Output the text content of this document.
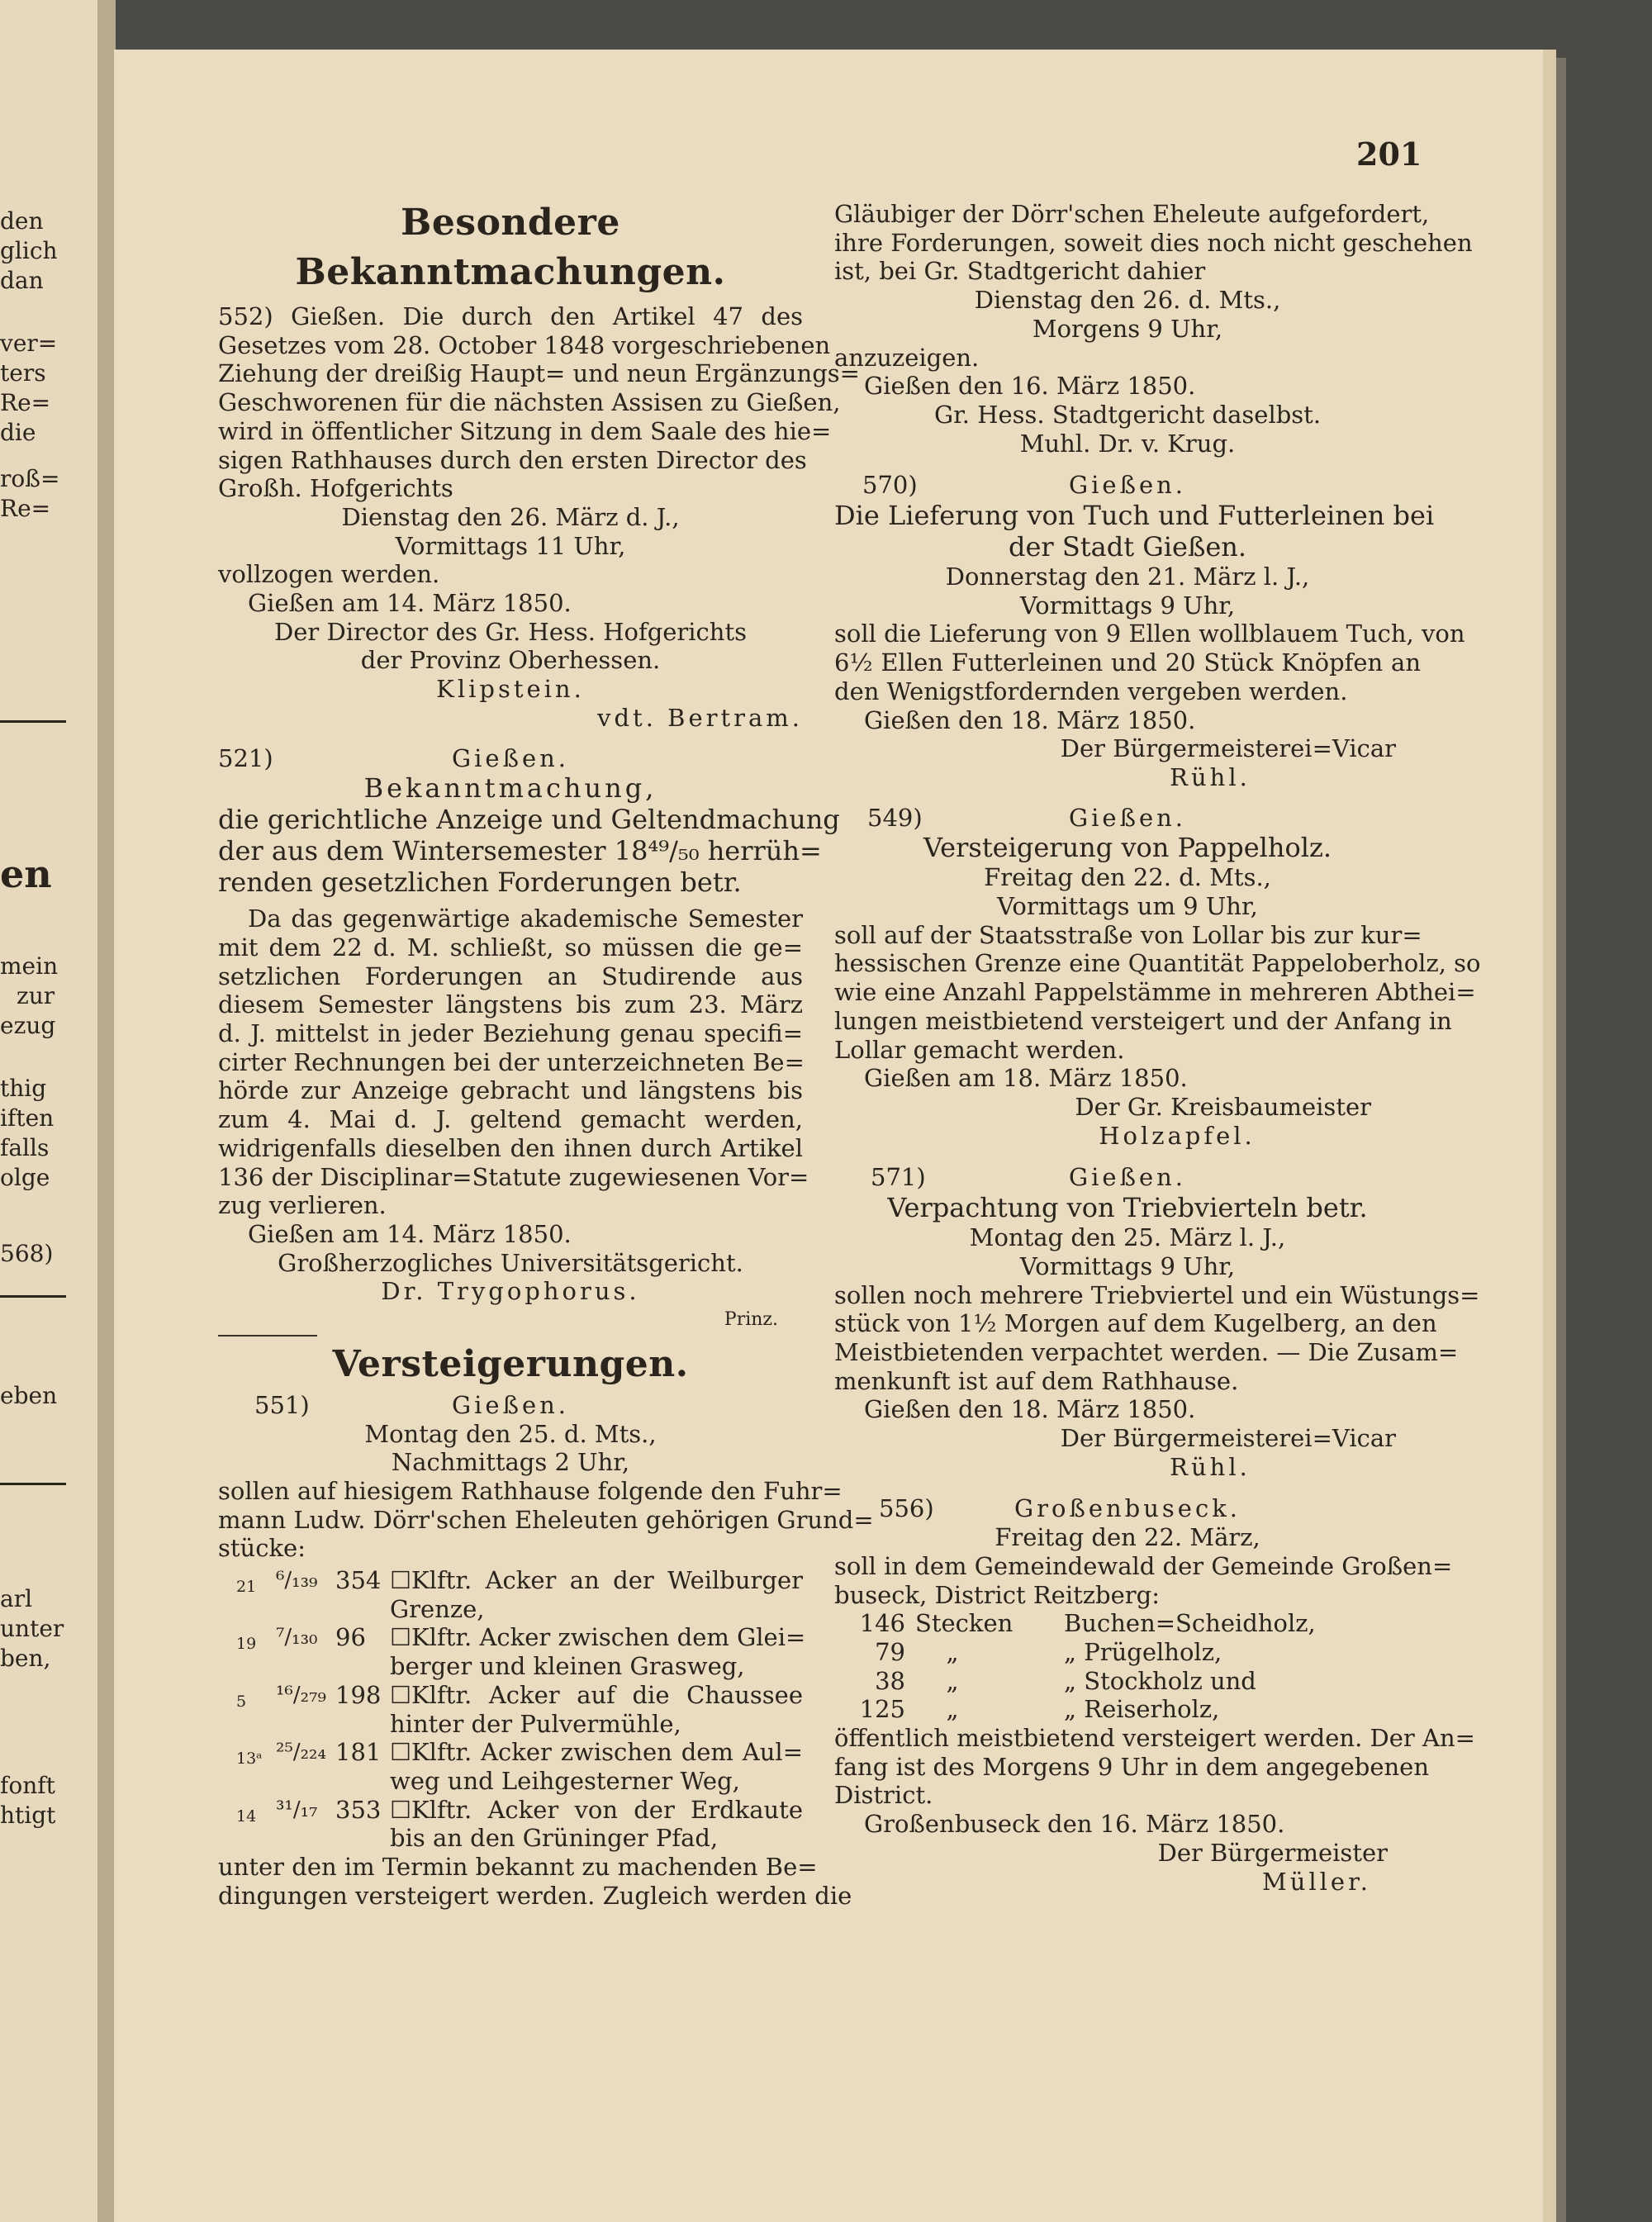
den
glich
dan
ver=
ters
Re=
die
roß=
Re=
en
mein
zur
ezug
thig
iften
falls
olge
568)
eben
arl
unter
ben,
fonft
htigt
201
Besondere Bekanntmachungen.
552) Gießen. Die durch den Artikel 47 des
Gesetzes vom 28. October 1848 vorgeschriebenen
Ziehung der dreißig Haupt= und neun Ergänzungs=
Geschworenen für die nächsten Assisen zu Gießen,
wird in öffentlicher Sitzung in dem Saale des hie=
sigen Rathhauses durch den ersten Director des
Großh. Hofgerichts
Dienstag den 26. März d. J.,
Vormittags 11 Uhr,
vollzogen werden.
Gießen am 14. März 1850.
Der Director des Gr. Hess. Hofgerichts
der Provinz Oberhessen.
Klipstein.
vdt. Bertram.
521)	Gießen.
Bekanntmachung,
die gerichtliche Anzeige und Geltendmachung
der aus dem Wintersemester 18⁴⁹/₅₀ herrüh=
renden gesetzlichen Forderungen betr.
Da das gegenwärtige akademische Semester
mit dem 22 d. M. schließt, so müssen die ge=
setzlichen Forderungen an Studirende aus
diesem Semester längstens bis zum 23. März
d. J. mittelst in jeder Beziehung genau specifi=
cirter Rechnungen bei der unterzeichneten Be=
hörde zur Anzeige gebracht und längstens bis
zum 4. Mai d. J. geltend gemacht werden,
widrigenfalls dieselben den ihnen durch Artikel
136 der Disciplinar=Statute zugewiesenen Vor=
zug verlieren.
Gießen am 14. März 1850.
Großherzogliches Universitätsgericht.
Dr. Trygophorus.
Prinz.
Versteigerungen.
551)	Gießen.
Montag den 25. d. Mts.,
Nachmittags 2 Uhr,
sollen auf hiesigem Rathhause folgende den Fuhr=
mann Ludw. Dörr'schen Eheleuten gehörigen Grund=
stücke:
21 ⁶/₁₃₉ 354 ☐Klftr. Acker an der Weilburger
Grenze,
19 ⁷/₁₃₀ 96	☐Klftr. Acker zwischen dem Glei=
berger und kleinen Grasweg,
5	¹⁶/₂₇₉ 198 ☐Klftr. Acker auf die Chaussee
hinter der Pulvermühle,
13ᵃ ²⁵/₂₂₄ 181 ☐Klftr. Acker zwischen dem Aul=
weg und Leihgesterner Weg,
14 ³¹/₁₇ 353 ☐Klftr. Acker von der Erdkaute
bis an den Grüninger Pfad,
unter den im Termin bekannt zu machenden Be=
dingungen versteigert werden. Zugleich werden die
Gläubiger der Dörr'schen Eheleute aufgefordert,
ihre Forderungen, soweit dies noch nicht geschehen
ist, bei Gr. Stadtgericht dahier
Dienstag den 26. d. Mts.,
Morgens 9 Uhr,
anzuzeigen.
Gießen den 16. März 1850.
Gr. Hess. Stadtgericht daselbst.
Muhl. Dr. v. Krug.
570)	Gießen.
Die Lieferung von Tuch und Futterleinen bei
der Stadt Gießen.
Donnerstag den 21. März l. J.,
Vormittags 9 Uhr,
soll die Lieferung von 9 Ellen wollblauem Tuch, von
6½ Ellen Futterleinen und 20 Stück Knöpfen an
den Wenigstfordernden vergeben werden.
Gießen den 18. März 1850.
Der Bürgermeisterei=Vicar
Rühl.
549)	Gießen.
Versteigerung von Pappelholz.
Freitag den 22. d. Mts.,
Vormittags um 9 Uhr,
soll auf der Staatsstraße von Lollar bis zur kur=
hessischen Grenze eine Quantität Pappeloberholz, so
wie eine Anzahl Pappelstämme in mehreren Abthei=
lungen meistbietend versteigert und der Anfang in
Lollar gemacht werden.
Gießen am 18. März 1850.
Der Gr. Kreisbaumeister
Holzapfel.
571)	Gießen.
Verpachtung von Triebvierteln betr.
Montag den 25. März l. J.,
Vormittags 9 Uhr,
sollen noch mehrere Triebviertel und ein Wüstungs=
stück von 1½ Morgen auf dem Kugelberg, an den
Meistbietenden verpachtet werden. — Die Zusam=
menkunft ist auf dem Rathhause.
Gießen den 18. März 1850.
Der Bürgermeisterei=Vicar
Rühl.
556)	Großenbuseck.
Freitag den 22. März,
soll in dem Gemeindewald der Gemeinde Großen=
buseck, District Reitzberg:
146 Stecken	Buchen=Scheidholz,
79	„	„ Prügelholz,
38	„	„ Stockholz und
125	„	„ Reiserholz,
öffentlich meistbietend versteigert werden. Der An=
fang ist des Morgens 9 Uhr in dem angegebenen
District.
Großenbuseck den 16. März 1850.
Der Bürgermeister
Müller.
